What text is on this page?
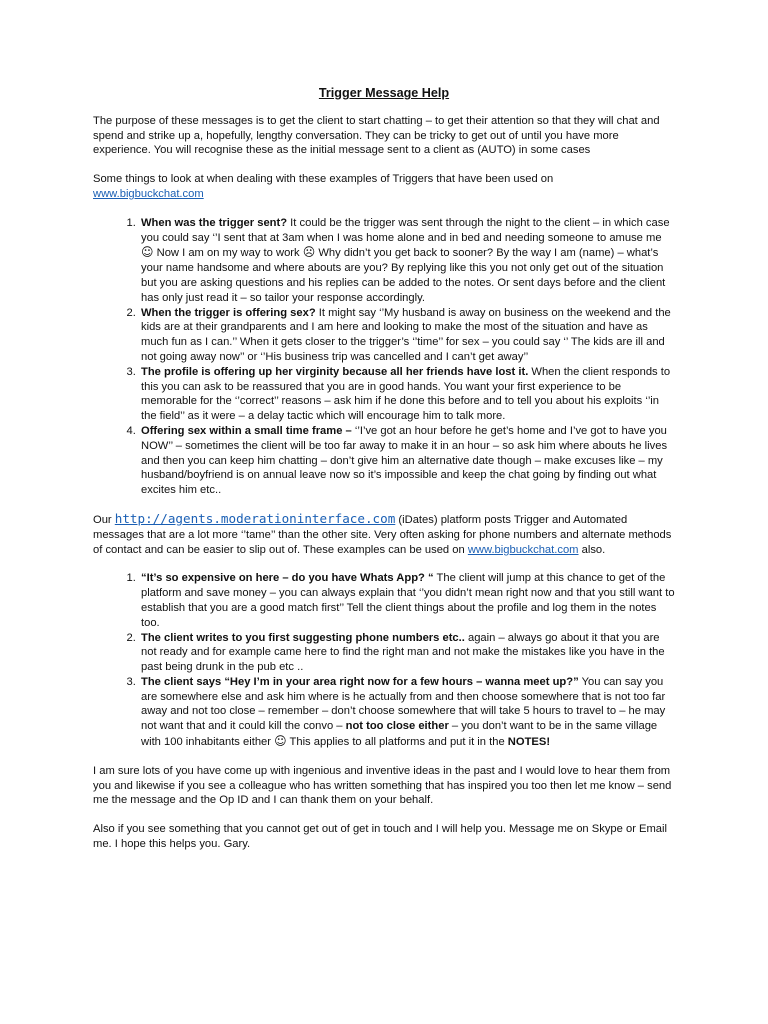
Trigger Message Help

The purpose of these messages is to get the client to start chatting – to get their attention so that they will chat and spend and strike up a, hopefully, lengthy conversation. They can be tricky to get out of until you have more experience. You will recognise these as the initial message sent to a client as (AUTO) in some cases

Some things to look at when dealing with these examples of Triggers that have been used on
www.bigbuckchat.com

1. When was the trigger sent? It could be the trigger was sent through the night to the client – in which case you could say ‘’I sent that at 3am when I was home alone and in bed and needing someone to amuse me ☺ Now I am on my way to work ☹ Why didn’t you get back to sooner? By the way I am (name) – what’s your name handsome and where abouts are you? By replying like this you not only get out of the situation but you are asking questions and his replies can be added to the notes. Or sent days before and the client has only just read it – so tailor your response accordingly.
2. When the trigger is offering sex? It might say ‘’My husband is away on business on the weekend and the kids are at their grandparents and I am here and looking to make the most of the situation and have as much fun as I can.’’ When it gets closer to the trigger’s ‘’time’’ for sex – you could say ‘’ The kids are ill and not going away now’’ or ‘’His business trip was cancelled and I can’t get away’’
3. The profile is offering up her virginity because all her friends have lost it. When the client responds to this you can ask to be reassured that you are in good hands. You want your first experience to be memorable for the ‘’correct’’ reasons – ask him if he done this before and to tell you about his exploits ‘’in the field’’ as it were – a delay tactic which will encourage him to talk more.
4. Offering sex within a small time frame – ‘’I’ve got an hour before he get’s home and I’ve got to have you NOW’’ – sometimes the client will be too far away to make it in an hour – so ask him where abouts he lives and then you can keep him chatting – don’t give him an alternative date though – make excuses like – my husband/boyfriend is on annual leave now so it’s impossible and keep the chat going by finding out what excites him etc..

Our http://agents.moderationinterface.com (iDates) platform posts Trigger and Automated messages that are a lot more ‘’tame’’ than the other site. Very often asking for phone numbers and alternate methods of contact and can be easier to slip out of. These examples can be used on www.bigbuckchat.com also.

1. “It’s so expensive on here – do you have Whats App? “ The client will jump at this chance to get of the platform and save money – you can always explain that ‘’you didn’t mean right now and that you still want to establish that you are a good match first’’ Tell the client things about the profile and log them in the notes too.
2. The client writes to you first suggesting phone numbers etc.. again – always go about it that you are not ready and for example came here to find the right man and not make the mistakes like you have in the past being drunk in the pub etc ..
3. The client says “Hey I’m in your area right now for a few hours – wanna meet up?” You can say you are somewhere else and ask him where is he actually from and then choose somewhere that is not too far away and not too close – remember – don’t choose somewhere that will take 5 hours to travel to – he may not want that and it could kill the convo – not too close either – you don’t want to be in the same village with 100 inhabitants either ☺ This applies to all platforms and put it in the NOTES!

I am sure lots of you have come up with ingenious and inventive ideas in the past and I would love to hear them from you and likewise if you see a colleague who has written something that has inspired you too then let me know – send me the message and the Op ID and I can thank them on your behalf.

Also if you see something that you cannot get out of get in touch and I will help you. Message me on Skype or Email me. I hope this helps you. Gary.
